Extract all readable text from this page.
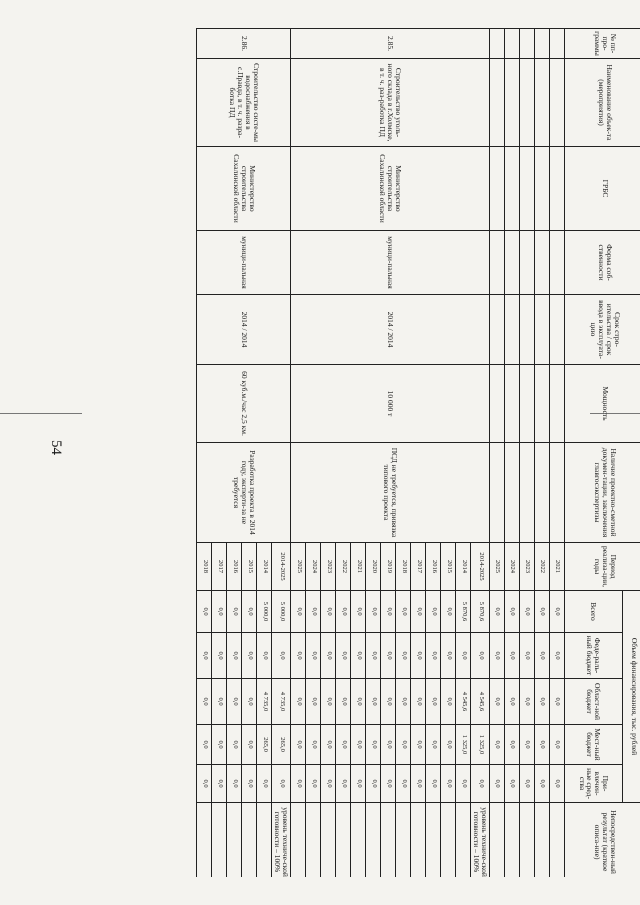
54
№ пп-про-граммы	Наименование объек-та (мероприятия)	ГРБС	Форма соб-ственности	Срок стро-ительства / срок ввода в эксплуата-цию	Мощность	Наличие проектно-сметной докумен-тации, заключения главгосэкспертизы	Период реализа-ции, годы	Объем финансирования, тыс. рублей					Непосредствен-ный результат (краткое описа-ние)
								Всего	Феде-раль-ный бюджет	Област-ной бюджет	Мест-ный бюджет	При-влечен-ные сред-ства	
							2021	0,0	0,0	0,0	0,0	0,0	
							2022	0,0	0,0	0,0	0,0	0,0	
							2023	0,0	0,0	0,0	0,0	0,0	
							2024	0,0	0,0	0,0	0,0	0,0	
							2025	0,0	0,0	0,0	0,0	0,0	
2.85.	Строительство уголь-ного склада в г.Холмске, в т. ч. раз-работка ПД	Министерство строительства Сахалинской области	муници-пальная	2014 / 2014	10 000 т	ПСД не требуется, привязка типового проекта	2014-2025	5 870,6	0,0	4 545,6	1 325,0	0,0	уровень техниче-ской готовности – 100%
							2014	5 870,6	0,0	4 545,6	1 325,0	0,0	
							2015	0,0	0,0	0,0	0,0	0,0	
							2016	0,0	0,0	0,0	0,0	0,0	
							2017	0,0	0,0	0,0	0,0	0,0	
							2018	0,0	0,0	0,0	0,0	0,0	
							2019	0,0	0,0	0,0	0,0	0,0	
							2020	0,0	0,0	0,0	0,0	0,0	
							2021	0,0	0,0	0,0	0,0	0,0	
							2022	0,0	0,0	0,0	0,0	0,0	
							2023	0,0	0,0	0,0	0,0	0,0	
							2024	0,0	0,0	0,0	0,0	0,0	
							2025	0,0	0,0	0,0	0,0	0,0	
2.86.	Строительство систе-мы водоснабжения в с.Правда, в т. ч. разра-ботка ПД	Министерство строительства Сахалинской области	муници-пальная	2014 / 2014	60 куб.м./час 2,5 км.	Разработка проекта в 2014 году, эксперти-за не требуется	2014-2025	5 000,0	0,0	4 735,0	265,0	0,0	уровень техниче-ской готовности – 100%
							2014	5 000,0	0,0	4 735,0	265,0	0,0	
							2015	0,0	0,0	0,0	0,0	0,0	
							2016	0,0	0,0	0,0	0,0	0,0	
							2017	0,0	0,0	0,0	0,0	0,0	
							2018	0,0	0,0	0,0	0,0	0,0	
